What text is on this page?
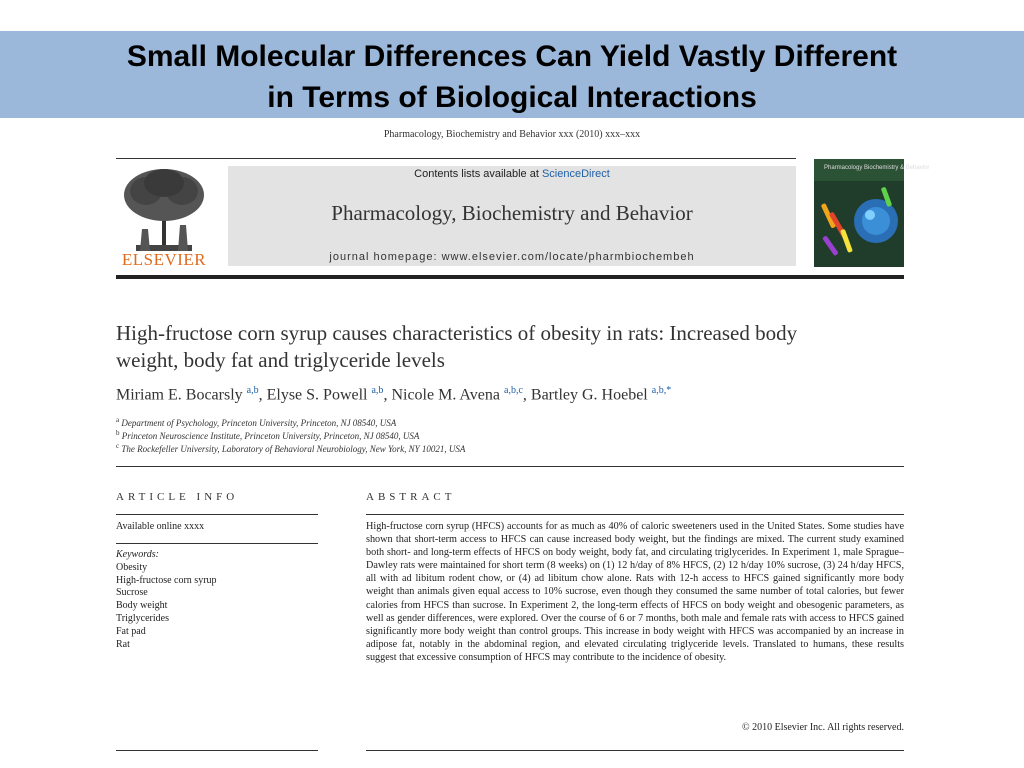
Small Molecular Differences Can Yield Vastly Different
in Terms of Biological Interactions
Pharmacology, Biochemistry and Behavior xxx (2010) xxx–xxx
ELSEVIER
Contents lists available at ScienceDirect
Pharmacology, Biochemistry and Behavior
journal homepage: www.elsevier.com/locate/pharmbiochembeh
Pharmacology Biochemistry & Behavior
High-fructose corn syrup causes characteristics of obesity in rats: Increased body
weight, body fat and triglyceride levels
Miriam E. Bocarsly $^{a,b}$, Elyse S. Powell $^{a,b}$, Nicole M. Avena $^{a,b,c}$, Bartley G. Hoebel $^{a,b,*}$
$^a$ Department of Psychology, Princeton University, Princeton, NJ 08540, USA
$^b$ Princeton Neuroscience Institute, Princeton University, Princeton, NJ 08540, USA
$^c$ The Rockefeller University, Laboratory of Behavioral Neurobiology, New York, NY 10021, USA
ARTICLE INFO	ABSTRACT
Available online xxxx
Keywords:
Obesity
High-fructose corn syrup
Sucrose
Body weight
Triglycerides
Fat pad
Rat
High-fructose corn syrup (HFCS) accounts for as much as 40% of caloric sweeteners used in the United States. Some studies have shown that short-term access to HFCS can cause increased body weight, but the findings are mixed. The current study examined both short- and long-term effects of HFCS on body weight, body fat, and circulating triglycerides. In Experiment 1, male Sprague–Dawley rats were maintained for short term (8 weeks) on (1) 12 h/day of 8% HFCS, (2) 12 h/day 10% sucrose, (3) 24 h/day HFCS, all with ad libitum rodent chow, or (4) ad libitum chow alone. Rats with 12-h access to HFCS gained significantly more body weight than animals given equal access to 10% sucrose, even though they consumed the same number of total calories, but fewer calories from HFCS than sucrose. In Experiment 2, the long-term effects of HFCS on body weight and obesogenic parameters, as well as gender differences, were explored. Over the course of 6 or 7 months, both male and female rats with access to HFCS gained significantly more body weight than control groups. This increase in body weight with HFCS was accompanied by an increase in adipose fat, notably in the abdominal region, and elevated circulating triglyceride levels. Translated to humans, these results suggest that excessive consumption of HFCS may contribute to the incidence of obesity.
© 2010 Elsevier Inc. All rights reserved.
